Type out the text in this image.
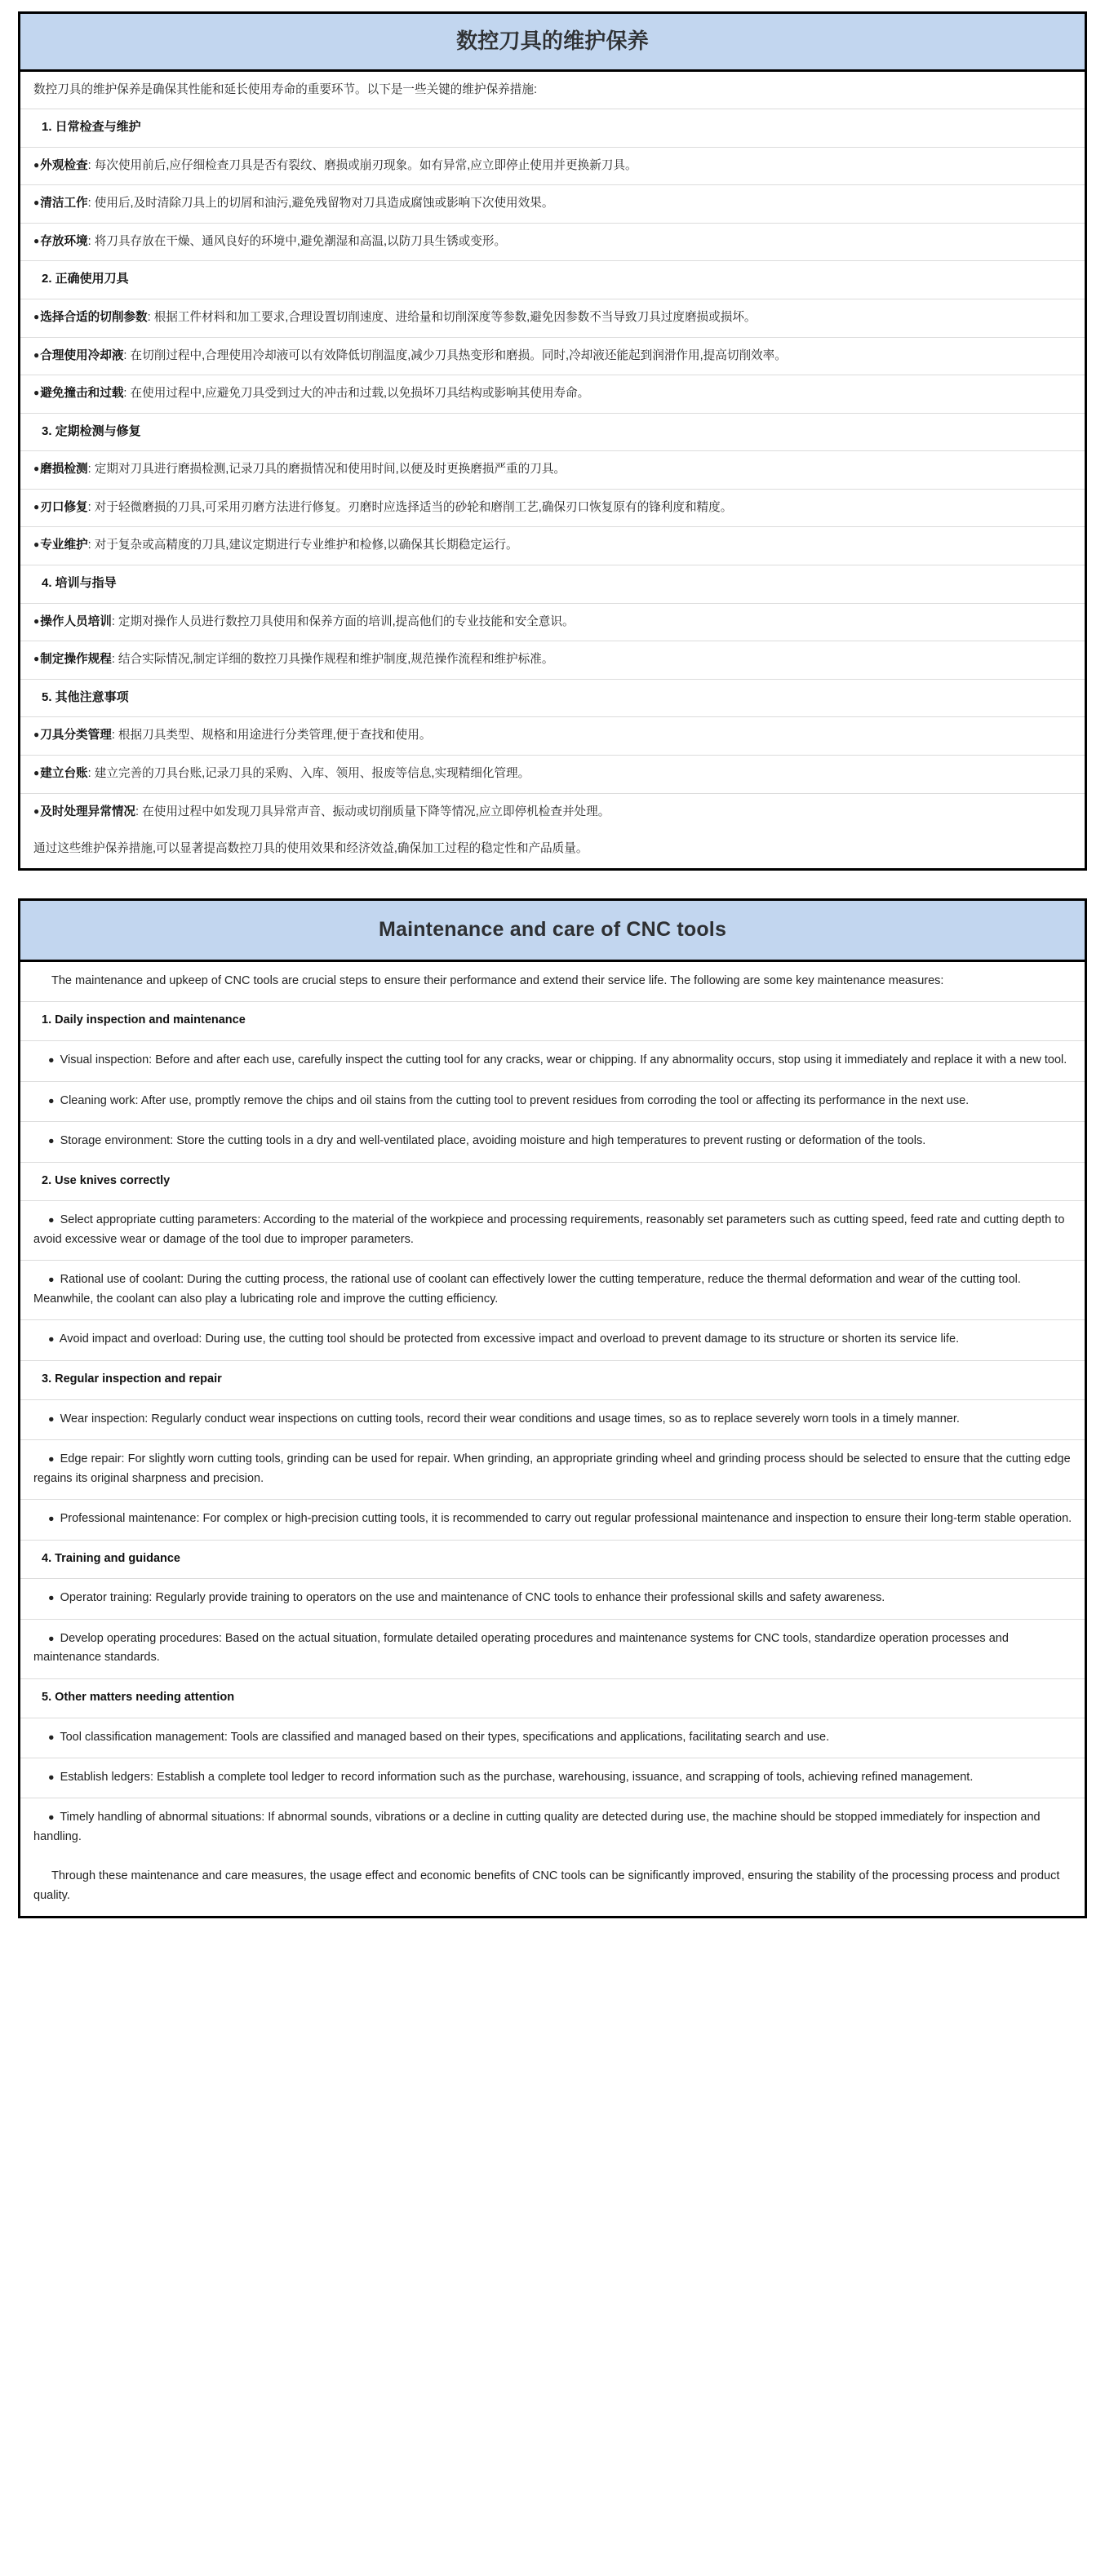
数控刀具的维护保养
数控刀具的维护保养是确保其性能和延长使用寿命的重要环节。以下是一些关键的维护保养措施:
1. 日常检查与维护
●外观检查: 每次使用前后,应仔细检查刀具是否有裂纹、磨损或崩刃现象。如有异常,应立即停止使用并更换新刀具。
●清洁工作: 使用后,及时清除刀具上的切屑和油污,避免残留物对刀具造成腐蚀或影响下次使用效果。
●存放环境: 将刀具存放在干燥、通风良好的环境中,避免潮湿和高温,以防刀具生锈或变形。
2. 正确使用刀具
●选择合适的切削参数: 根据工件材料和加工要求,合理设置切削速度、进给量和切削深度等参数,避免因参数不当导致刀具过度磨损或损坏。
●合理使用冷却液: 在切削过程中,合理使用冷却液可以有效降低切削温度,减少刀具热变形和磨损。同时,冷却液还能起到润滑作用,提高切削效率。
●避免撞击和过载: 在使用过程中,应避免刀具受到过大的冲击和过载,以免损坏刀具结构或影响其使用寿命。
3. 定期检测与修复
●磨损检测: 定期对刀具进行磨损检测,记录刀具的磨损情况和使用时间,以便及时更换磨损严重的刀具。
●刃口修复: 对于轻微磨损的刀具,可采用刃磨方法进行修复。刃磨时应选择适当的砂轮和磨削工艺,确保刃口恢复原有的锋利度和精度。
●专业维护: 对于复杂或高精度的刀具,建议定期进行专业维护和检修,以确保其长期稳定运行。
4. 培训与指导
●操作人员培训: 定期对操作人员进行数控刀具使用和保养方面的培训,提高他们的专业技能和安全意识。
●制定操作规程: 结合实际情况,制定详细的数控刀具操作规程和维护制度,规范操作流程和维护标准。
5. 其他注意事项
●刀具分类管理: 根据刀具类型、规格和用途进行分类管理,便于查找和使用。
●建立台账: 建立完善的刀具台账,记录刀具的采购、入库、领用、报废等信息,实现精细化管理。
●及时处理异常情况: 在使用过程中如发现刀具异常声音、振动或切削质量下降等情况,应立即停机检查并处理。
通过这些维护保养措施,可以显著提高数控刀具的使用效果和经济效益,确保加工过程的稳定性和产品质量。
Maintenance and care of CNC tools
The maintenance and upkeep of CNC tools are crucial steps to ensure their performance and extend their service life. The following are some key maintenance measures:
1. Daily inspection and maintenance
● Visual inspection: Before and after each use, carefully inspect the cutting tool for any cracks, wear or chipping. If any abnormality occurs, stop using it immediately and replace it with a new tool.
● Cleaning work: After use, promptly remove the chips and oil stains from the cutting tool to prevent residues from corroding the tool or affecting its performance in the next use.
● Storage environment: Store the cutting tools in a dry and well-ventilated place, avoiding moisture and high temperatures to prevent rusting or deformation of the tools.
2. Use knives correctly
● Select appropriate cutting parameters: According to the material of the workpiece and processing requirements, reasonably set parameters such as cutting speed, feed rate and cutting depth to avoid excessive wear or damage of the tool due to improper parameters.
● Rational use of coolant: During the cutting process, the rational use of coolant can effectively lower the cutting temperature, reduce the thermal deformation and wear of the cutting tool. Meanwhile, the coolant can also play a lubricating role and improve the cutting efficiency.
● Avoid impact and overload: During use, the cutting tool should be protected from excessive impact and overload to prevent damage to its structure or shorten its service life.
3. Regular inspection and repair
● Wear inspection: Regularly conduct wear inspections on cutting tools, record their wear conditions and usage times, so as to replace severely worn tools in a timely manner.
● Edge repair: For slightly worn cutting tools, grinding can be used for repair. When grinding, an appropriate grinding wheel and grinding process should be selected to ensure that the cutting edge regains its original sharpness and precision.
● Professional maintenance: For complex or high-precision cutting tools, it is recommended to carry out regular professional maintenance and inspection to ensure their long-term stable operation.
4. Training and guidance
● Operator training: Regularly provide training to operators on the use and maintenance of CNC tools to enhance their professional skills and safety awareness.
● Develop operating procedures: Based on the actual situation, formulate detailed operating procedures and maintenance systems for CNC tools, standardize operation processes and maintenance standards.
5. Other matters needing attention
● Tool classification management: Tools are classified and managed based on their types, specifications and applications, facilitating search and use.
● Establish ledgers: Establish a complete tool ledger to record information such as the purchase, warehousing, issuance, and scrapping of tools, achieving refined management.
● Timely handling of abnormal situations: If abnormal sounds, vibrations or a decline in cutting quality are detected during use, the machine should be stopped immediately for inspection and handling.
Through these maintenance and care measures, the usage effect and economic benefits of CNC tools can be significantly improved, ensuring the stability of the processing process and product quality.
